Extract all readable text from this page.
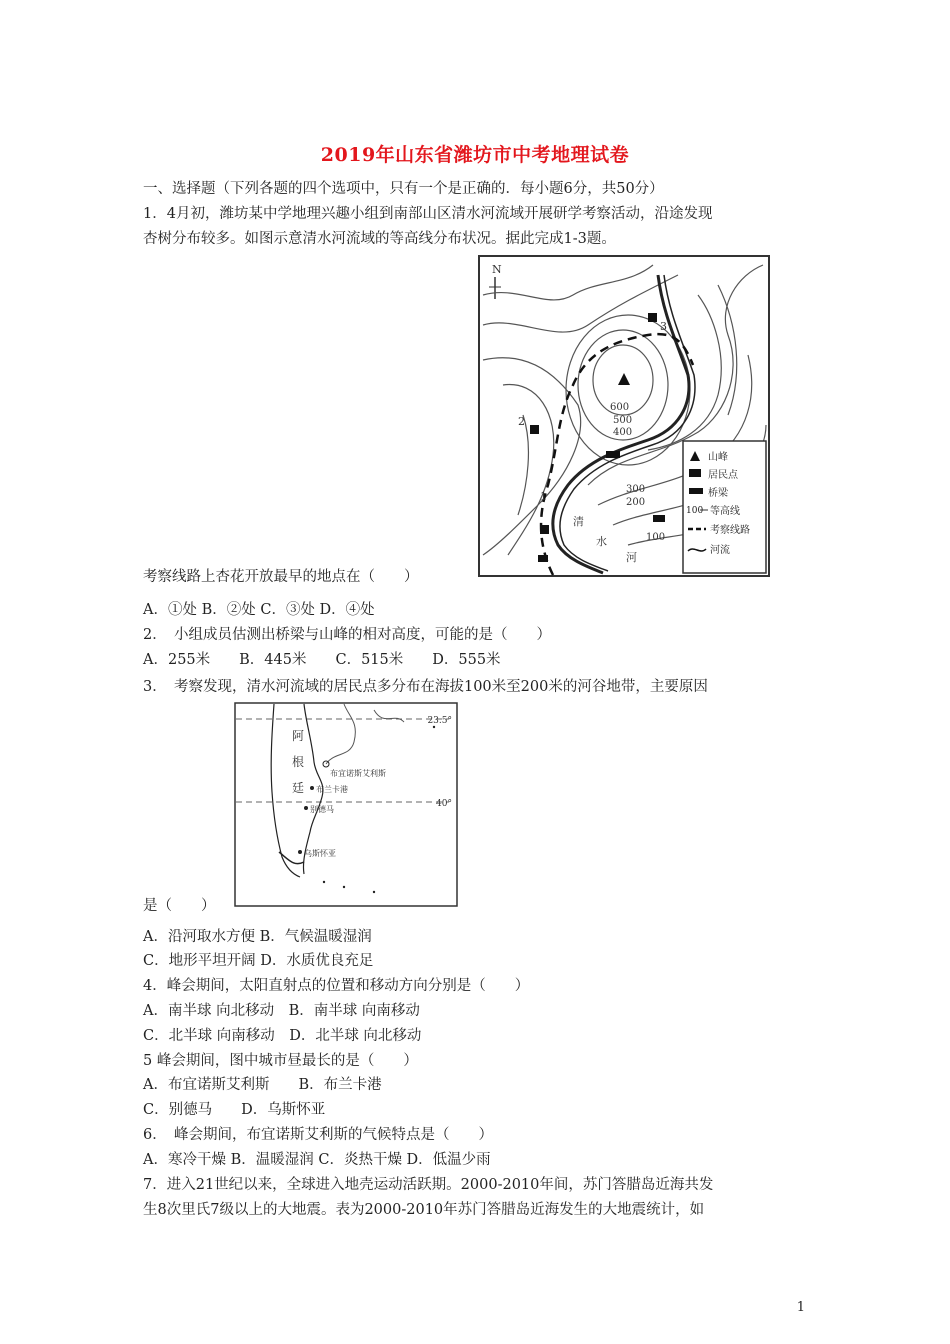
2019年山东省潍坊市中考地理试卷
一、选择题（下列各题的四个选项中，只有一个是正确的．每小题6分，共50分）
1．4月初，潍坊某中学地理兴趣小组到南部山区清水河流域开展研学考察活动，沿途发现
杏树分布较多。如图示意清水河流域的等高线分布状况。据此完成1-3题。
N
600
500
400
300
200
100
2
1
3
清
水
河
山峰
居民点
桥梁
100 等高线
考察线路
河流
考察线路上杏花开放最早的地点在（　　）
A．①处 B．②处 C．③处 D．④处
2．　小组成员估测出桥梁与山峰的相对高度，可能的是（　　）
A．255米　　B．445米　　C．515米　　D．555米
3．　考察发现，清水河流域的居民点多分布在海拔100米至200米的河谷地带，主要原因
23.5°
40°
阿
根
廷
布宜诺斯艾利斯
布兰卡港
别德马
乌斯怀亚
是（　　）
A．沿河取水方便 B．气候温暖湿润
C．地形平坦开阔 D．水质优良充足
4．峰会期间，太阳直射点的位置和移动方向分别是（　　）
A．南半球 向北移动　B．南半球 向南移动
C．北半球 向南移动　D．北半球 向北移动
5 峰会期间，图中城市昼最长的是（　　）
A．布宜诺斯艾利斯　　B．布兰卡港
C．别德马　　D．乌斯怀亚
6．　峰会期间，布宜诺斯艾利斯的气候特点是（　　）
A．寒冷干燥 B．温暖湿润 C．炎热干燥 D．低温少雨
7．进入21世纪以来，全球进入地壳运动活跃期。2000-2010年间，苏门答腊岛近海共发
生8次里氏7级以上的大地震。表为2000-2010年苏门答腊岛近海发生的大地震统计，如
1
